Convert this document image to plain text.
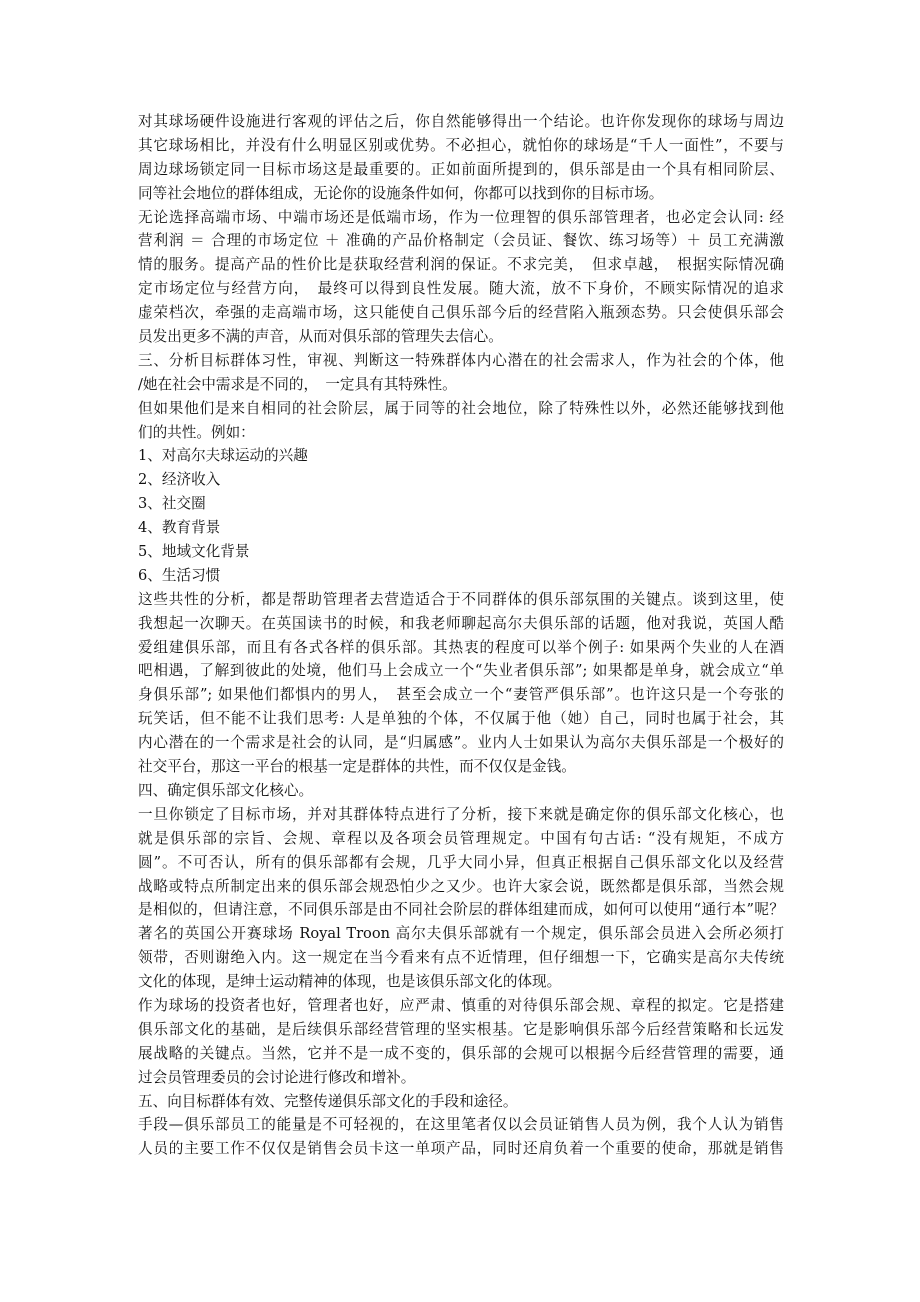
对其球场硬件设施进行客观的评估之后，你自然能够得出一个结论。也许你发现你的球场与周边
其它球场相比，并没有什么明显区别或优势。不必担心，就怕你的球场是“千人一面性”，不要与
周边球场锁定同一目标市场这是最重要的。正如前面所提到的，俱乐部是由一个具有相同阶层、
同等社会地位的群体组成，无论你的设施条件如何，你都可以找到你的目标市场。
无论选择高端市场、中端市场还是低端市场，作为一位理智的俱乐部管理者，也必定会认同: 经
营利润 ＝ 合理的市场定位 ＋ 准确的产品价格制定（会员证、餐饮、练习场等）＋ 员工充满激
情的服务。提高产品的性价比是获取经营利润的保证。不求完美，　但求卓越，　根据实际情况确
定市场定位与经营方向，　最终可以得到良性发展。随大流，放不下身价，不顾实际情况的追求
虚荣档次，牵强的走高端市场，这只能使自己俱乐部今后的经营陷入瓶颈态势。只会使俱乐部会
员发出更多不满的声音，从而对俱乐部的管理失去信心。
三、分析目标群体习性，审视、判断这一特殊群体内心潜在的社会需求人，作为社会的个体，他
/她在社会中需求是不同的，　一定具有其特殊性。
但如果他们是来自相同的社会阶层，属于同等的社会地位，除了特殊性以外，必然还能够找到他
们的共性。例如：
1、对高尔夫球运动的兴趣
2、经济收入
3、社交圈
4、教育背景
5、地域文化背景
6、生活习惯
这些共性的分析，都是帮助管理者去营造适合于不同群体的俱乐部氛围的关键点。谈到这里，使
我想起一次聊天。在英国读书的时候，和我老师聊起高尔夫俱乐部的话题，他对我说，英国人酷
爱组建俱乐部，而且有各式各样的俱乐部。其热衷的程度可以举个例子: 如果两个失业的人在酒
吧相遇，了解到彼此的处境，他们马上会成立一个“失业者俱乐部”; 如果都是单身，就会成立“单
身俱乐部”; 如果他们都惧内的男人，　甚至会成立一个“妻管严俱乐部”。也许这只是一个夸张的
玩笑话，但不能不让我们思考: 人是单独的个体，不仅属于他（她）自己，同时也属于社会，其
内心潜在的一个需求是社会的认同，是“归属感”。业内人士如果认为高尔夫俱乐部是一个极好的
社交平台，那这一平台的根基一定是群体的共性，而不仅仅是金钱。
四、确定俱乐部文化核心。
一旦你锁定了目标市场，并对其群体特点进行了分析，接下来就是确定你的俱乐部文化核心，也
就是俱乐部的宗旨、会规、章程以及各项会员管理规定。中国有句古话: “没有规矩，不成方
圆”。不可否认，所有的俱乐部都有会规，几乎大同小异，但真正根据自己俱乐部文化以及经营
战略或特点所制定出来的俱乐部会规恐怕少之又少。也许大家会说，既然都是俱乐部，当然会规
是相似的，但请注意，不同俱乐部是由不同社会阶层的群体组建而成，如何可以使用“通行本”呢？
著名的英国公开赛球场 Royal Troon 高尔夫俱乐部就有一个规定，俱乐部会员进入会所必须打
领带，否则谢绝入内。这一规定在当今看来有点不近情理，但仔细想一下，它确实是高尔夫传统
文化的体现，是绅士运动精神的体现，也是该俱乐部文化的体现。
作为球场的投资者也好，管理者也好，应严肃、慎重的对待俱乐部会规、章程的拟定。它是搭建
俱乐部文化的基础，是后续俱乐部经营管理的坚实根基。它是影响俱乐部今后经营策略和长远发
展战略的关键点。当然，它并不是一成不变的，俱乐部的会规可以根据今后经营管理的需要，通
过会员管理委员的会讨论进行修改和增补。
五、向目标群体有效、完整传递俱乐部文化的手段和途径。
手段—俱乐部员工的能量是不可轻视的，在这里笔者仅以会员证销售人员为例，我个人认为销售
人员的主要工作不仅仅是销售会员卡这一单项产品，同时还肩负着一个重要的使命，那就是销售
